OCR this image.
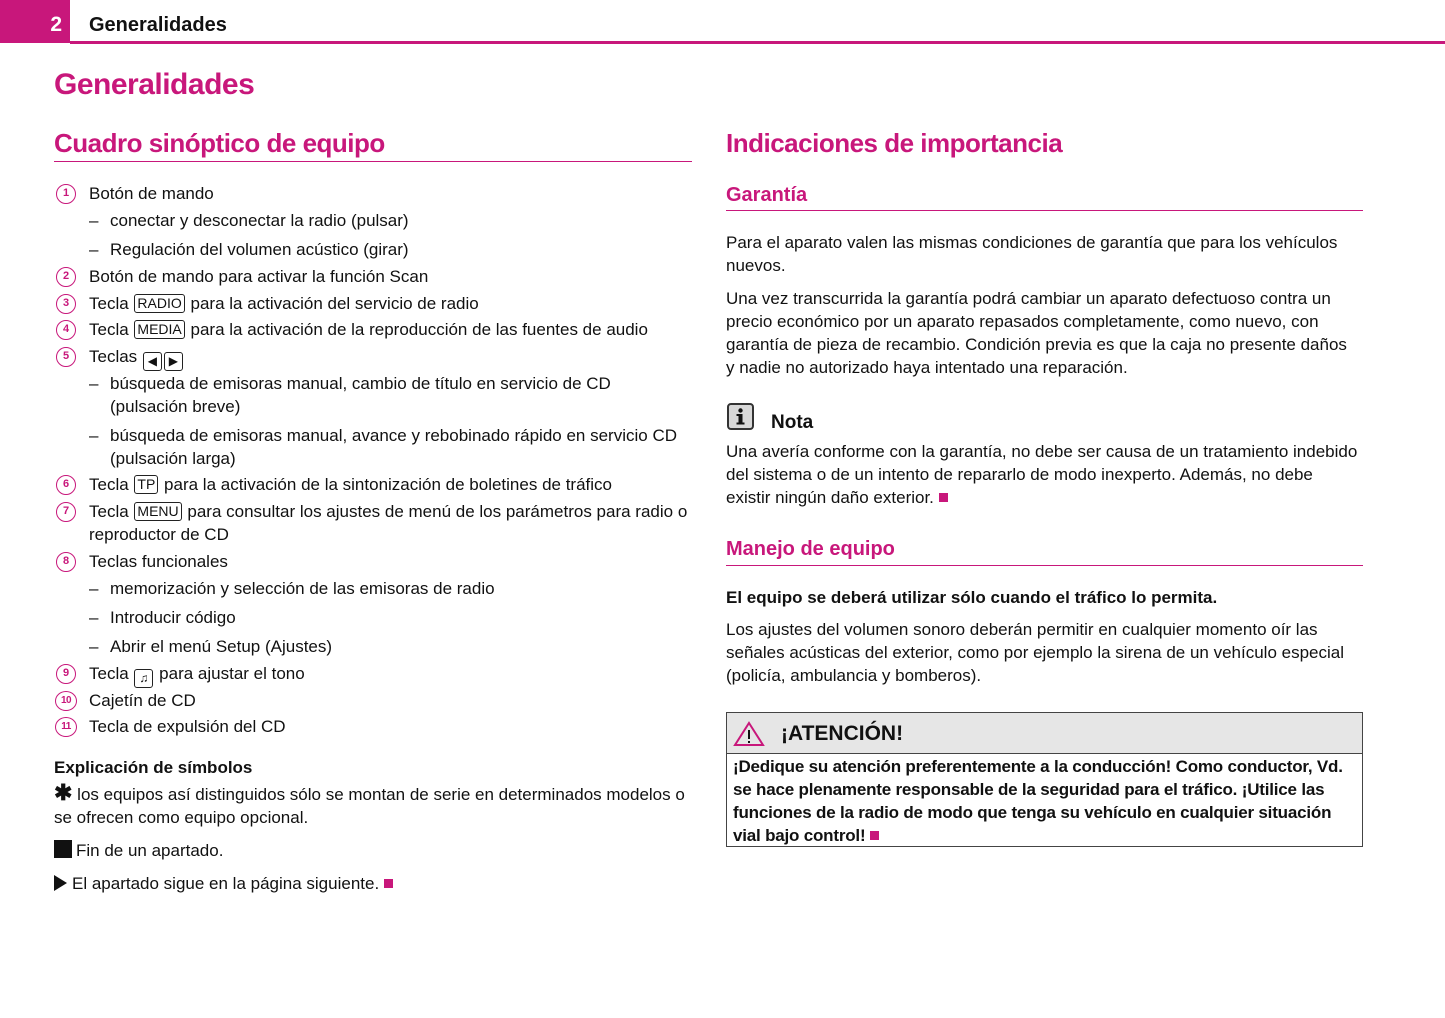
2	Generalidades
Generalidades
Cuadro sinóptico de equipo
1	Botón de mando
– conectar y desconectar la radio (pulsar)
– Regulación del volumen acústico (girar)
2	Botón de mando para activar la función Scan
3	Tecla RADIO para la activación del servicio de radio
4	Tecla MEDIA para la activación de la reproducción de las fuentes de audio
5	Teclas ◀ ▶
– búsqueda de emisoras manual, cambio de título en servicio de CD (pulsación breve)
– búsqueda de emisoras manual, avance y rebobinado rápido en servicio CD (pulsación larga)
6	Tecla TP para la activación de la sintonización de boletines de tráfico
7	Tecla MENU para consultar los ajustes de menú de los parámetros para radio o reproductor de CD
8	Teclas funcionales
– memorización y selección de las emisoras de radio
– Introducir código
– Abrir el menú Setup (Ajustes)
9	Tecla ♫ para ajustar el tono
10	Cajetín de CD
11	Tecla de expulsión del CD
Explicación de símbolos
✱ los equipos así distinguidos sólo se montan de serie en determinados modelos o se ofrecen como equipo opcional.
Fin de un apartado.
El apartado sigue en la página siguiente.
Indicaciones de importancia
Garantía
Para el aparato valen las mismas condiciones de garantía que para los vehículos nuevos.
Una vez transcurrida la garantía podrá cambiar un aparato defectuoso contra un precio económico por un aparato repasados completamente, como nuevo, con garantía de pieza de recambio. Condición previa es que la caja no presente daños y nadie no autorizado haya intentado una reparación.
Nota
Una avería conforme con la garantía, no debe ser causa de un tratamiento indebido del sistema o de un intento de repararlo de modo inexperto. Además, no debe existir ningún daño exterior.
Manejo de equipo
El equipo se deberá utilizar sólo cuando el tráfico lo permita.
Los ajustes del volumen sonoro deberán permitir en cualquier momento oír las señales acústicas del exterior, como por ejemplo la sirena de un vehículo especial (policía, ambulancia y bomberos).
¡ATENCIÓN!
¡Dedique su atención preferentemente a la conducción! Como conductor, Vd. se hace plenamente responsable de la seguridad para el tráfico. ¡Utilice las funciones de la radio de modo que tenga su vehículo en cualquier situación vial bajo control!
